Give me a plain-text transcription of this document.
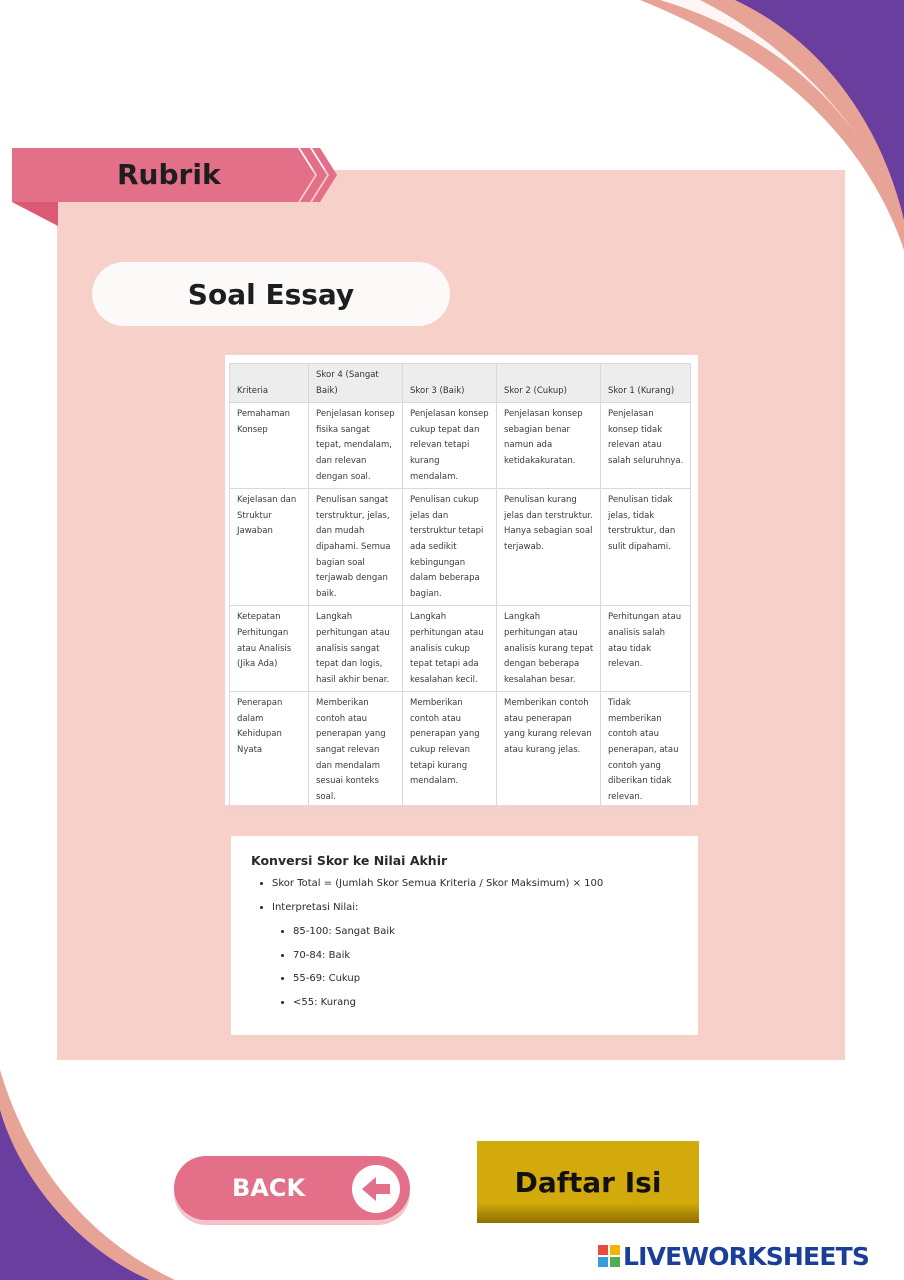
Rubrik
Soal Essay
Kriteria	Skor 4 (Sangat Baik)	Skor 3 (Baik)	Skor 2 (Cukup)	Skor 1 (Kurang)
Pemahaman Konsep	Penjelasan konsep fisika sangat tepat, mendalam, dan relevan dengan soal.	Penjelasan konsep cukup tepat dan relevan tetapi kurang mendalam.	Penjelasan konsep sebagian benar namun ada ketidakakuratan.	Penjelasan konsep tidak relevan atau salah seluruhnya.
Kejelasan dan Struktur Jawaban	Penulisan sangat terstruktur, jelas, dan mudah dipahami. Semua bagian soal terjawab dengan baik.	Penulisan cukup jelas dan terstruktur tetapi ada sedikit kebingungan dalam beberapa bagian.	Penulisan kurang jelas dan terstruktur. Hanya sebagian soal terjawab.	Penulisan tidak jelas, tidak terstruktur, dan sulit dipahami.
Ketepatan Perhitungan atau Analisis (Jika Ada)	Langkah perhitungan atau analisis sangat tepat dan logis, hasil akhir benar.	Langkah perhitungan atau analisis cukup tepat tetapi ada kesalahan kecil.	Langkah perhitungan atau analisis kurang tepat dengan beberapa kesalahan besar.	Perhitungan atau analisis salah atau tidak relevan.
Penerapan dalam Kehidupan Nyata	Memberikan contoh atau penerapan yang sangat relevan dan mendalam sesuai konteks soal.	Memberikan contoh atau penerapan yang cukup relevan tetapi kurang mendalam.	Memberikan contoh atau penerapan yang kurang relevan atau kurang jelas.	Tidak memberikan contoh atau penerapan, atau contoh yang diberikan tidak relevan.
Konversi Skor ke Nilai Akhir
• Skor Total = (Jumlah Skor Semua Kriteria / Skor Maksimum) × 100
• Interpretasi Nilai:
• 85-100: Sangat Baik
• 70-84: Baik
• 55-69: Cukup
• <55: Kurang
BACK	Daftar Isi
LIVEWORKSHEETS
